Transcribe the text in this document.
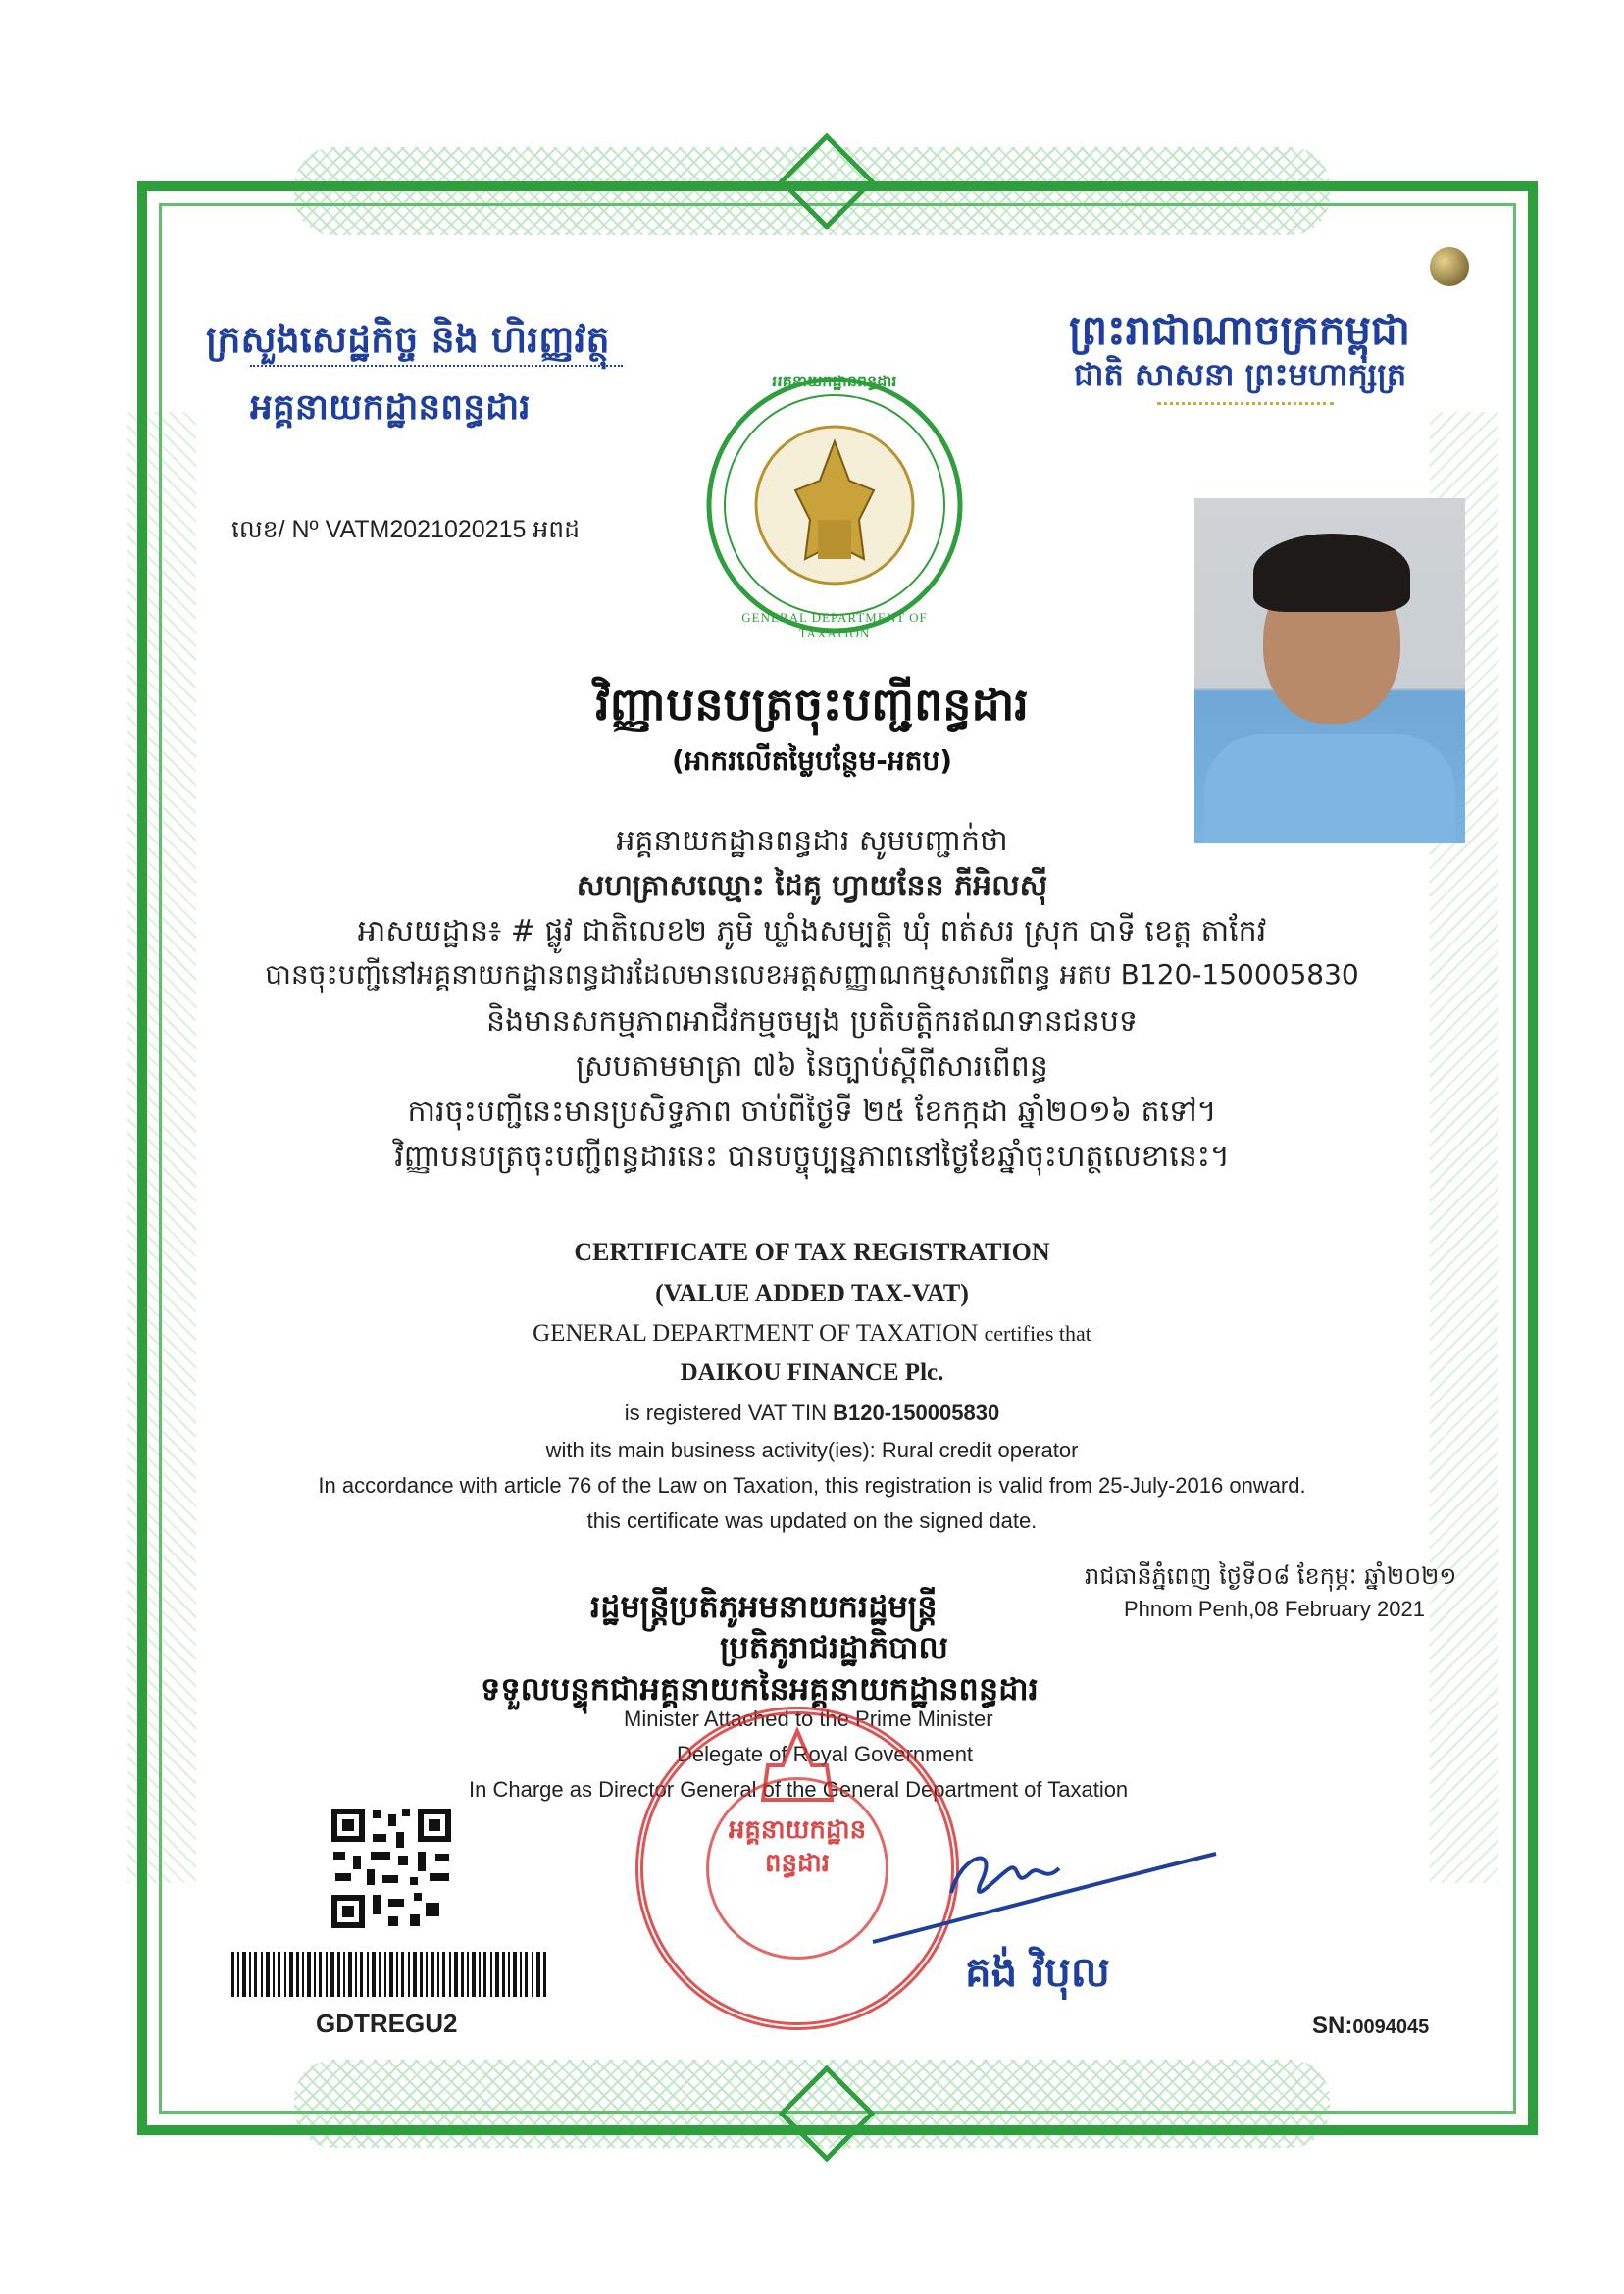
ក្រសួងសេដ្ឋកិច្ច និង ហិរញ្ញវត្ថុ
អគ្គនាយកដ្ឋានពន្ធដារ
ព្រះរាជាណាចក្រកម្ពុជា
ជាតិ សាសនា ព្រះមហាក្សត្រ
GENERAL DEPARTMENT OF TAXATION
អគ្គនាយកដ្ឋានពន្ធដារ
លេខ/ Nº VATM2021020215 អពដ
វិញ្ញាបនបត្រចុះបញ្ជីពន្ធដារ
(អាករលើតម្លៃបន្ថែម-អតប)
អគ្គនាយកដ្ឋានពន្ធដារ សូមបញ្ជាក់ថា
សហគ្រាសឈ្មោះ ដៃគូ ហ្វាយនែន ភីអិលស៊ី
អាសយដ្ឋាន៖ # ផ្លូវ ជាតិលេខ២ ភូមិ ឃ្លាំងសម្បត្តិ ឃុំ ពត់សរ ស្រុក បាទី ខេត្ត តាកែវ
បានចុះបញ្ជីនៅអគ្គនាយកដ្ឋានពន្ធដារដែលមានលេខអត្តសញ្ញាណកម្មសារពើពន្ធ អតប B120-150005830
និងមានសកម្មភាពអាជីវកម្មចម្បង ប្រតិបត្តិករឥណទានជនបទ
ស្របតាមមាត្រា ៧៦ នៃច្បាប់ស្តីពីសារពើពន្ធ
ការចុះបញ្ជីនេះមានប្រសិទ្ធភាព ចាប់ពីថ្ងៃទី ២៥ ខែកក្កដា ឆ្នាំ២០១៦ តទៅ។
វិញ្ញាបនបត្រចុះបញ្ជីពន្ធដារនេះ បានបច្ចុប្បន្នភាពនៅថ្ងៃខែឆ្នាំចុះហត្ថលេខានេះ។
CERTIFICATE OF TAX REGISTRATION
(VALUE ADDED TAX-VAT)
GENERAL DEPARTMENT OF TAXATION certifies that
DAIKOU FINANCE Plc.
is registered VAT TIN B120-150005830
with its main business activity(ies): Rural credit operator
In accordance with article 76 of the Law on Taxation, this registration is valid from 25-July-2016 onward.
this certificate was updated on the signed date.
រាជធានីភ្នំពេញ ថ្ងៃទី០៨ ខែកុម្ភៈ ឆ្នាំ២០២១
Phnom Penh,08 February 2021
រដ្ឋមន្ត្រីប្រតិភូអមនាយករដ្ឋមន្ត្រី
ប្រតិភូរាជរដ្ឋាភិបាល
ទទួលបន្ទុកជាអគ្គនាយកនៃអគ្គនាយកដ្ឋានពន្ធដារ
Minister Attached to the Prime Minister
Delegate of Royal Government
In Charge as Director General of the General Department of Taxation
អគ្គនាយកដ្ឋាន ពន្ធដារ
គង់ វិបុល
GDTREGU2	SN:0094045
